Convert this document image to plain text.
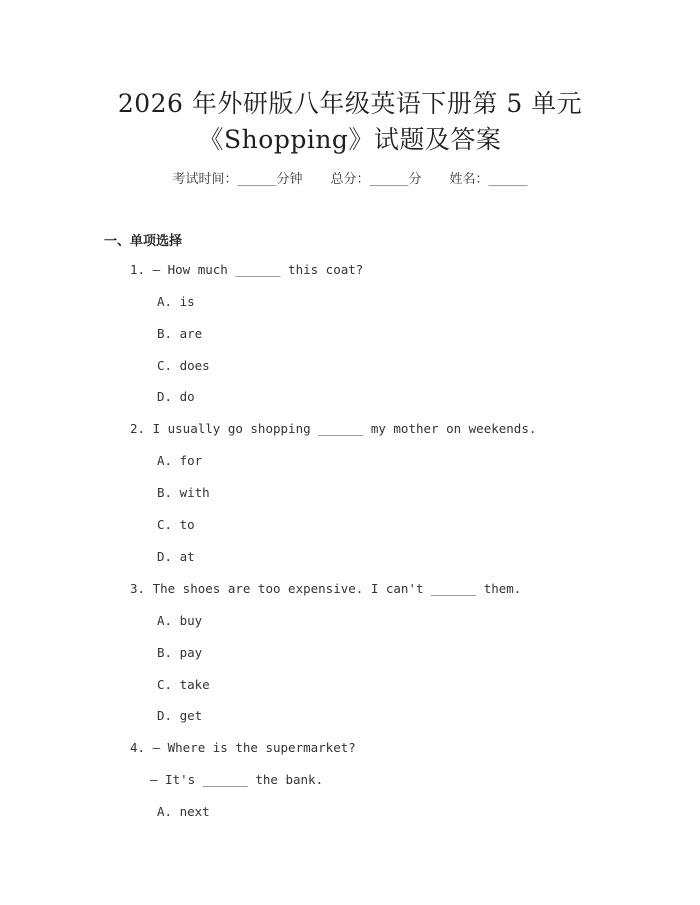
2026 年外研版八年级英语下册第 5 单元
《Shopping》试题及答案
考试时间：______分钟 总分：______分 姓名：______
一、单项选择
1. — How much ______ this coat?
A. is
B. are
C. does
D. do
2. I usually go shopping ______ my mother on weekends.
A. for
B. with
C. to
D. at
3. The shoes are too expensive. I can't ______ them.
A. buy
B. pay
C. take
D. get
4. — Where is the supermarket?
— It's ______ the bank.
A. next
